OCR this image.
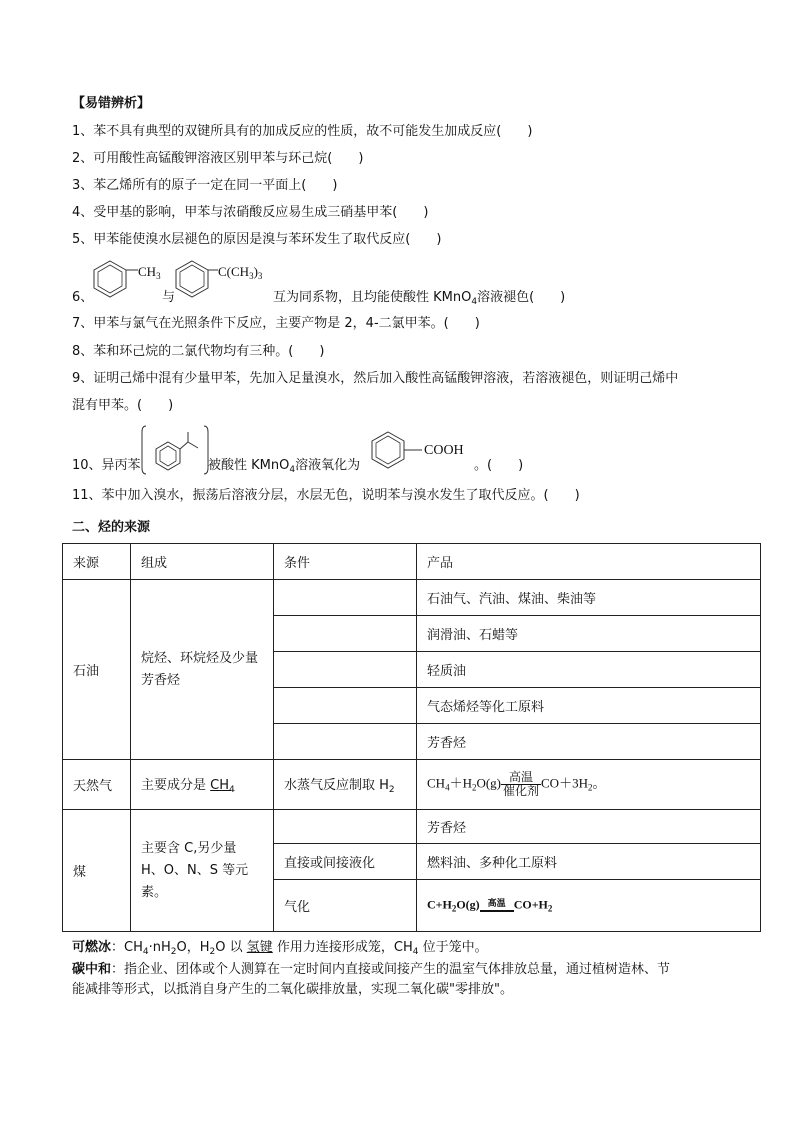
【易错辨析】
1、苯不具有典型的双键所具有的加成反应的性质，故不可能发生加成反应(　　)
2、可用酸性高锰酸钾溶液区别甲苯与环己烷(　　)
3、苯乙烯所有的原子一定在同一平面上(　　)
4、受甲基的影响，甲苯与浓硝酸反应易生成三硝基甲苯(　　)
5、甲苯能使溴水层褪色的原因是溴与苯环发生了取代反应(　　)
6、
$CH_3$
与
$C(CH_3)_3$
互为同系物，且均能使酸性 KMnO$_4$溶液褪色(　　)
7、甲苯与氯气在光照条件下反应，主要产物是 2，4-二氯甲苯。(　　)
8、苯和环己烷的二氯代物均有三种。(　　)
9、证明己烯中混有少量甲苯，先加入足量溴水，然后加入酸性高锰酸钾溶液，若溶液褪色，则证明己烯中
混有甲苯。(　　)
10、异丙苯	被酸性 KMnO$_4$溶液氧化为
COOH
。(　　)
11、苯中加入溴水，振荡后溶液分层，水层无色，说明苯与溴水发生了取代反应。(　　)
二、烃的来源
来源	组成	条件	产品
石油	烷烃、环烷烃及少量芳香烃		石油气、汽油、煤油、柴油等
			润滑油、石蜡等
			轻质油
			气态烯烃等化工原料
			芳香烃
天然气	主要成分是 $CH_4$	水蒸气反应制取 $H_2$	$CH_4+H_2O(g) \frac{\text{高温}}{\text{催化剂}} CO+3H_2$。
煤	主要含 C,另少量 H、O、N、S 等元素。		芳香烃
		直接或间接液化	燃料油、多种化工原料
		气化	$C+H_2O(g)$ 高温 $CO+H_2$
可燃冰：$CH_4\cdot nH_2O$，$H_2O$ 以 氢键 作用力连接形成笼，$CH_4$ 位于笼中。
碳中和：指企业、团体或个人测算在一定时间内直接或间接产生的温室气体排放总量，通过植树造林、节
能减排等形式，以抵消自身产生的二氧化碳排放量，实现二氧化碳"零排放"。
